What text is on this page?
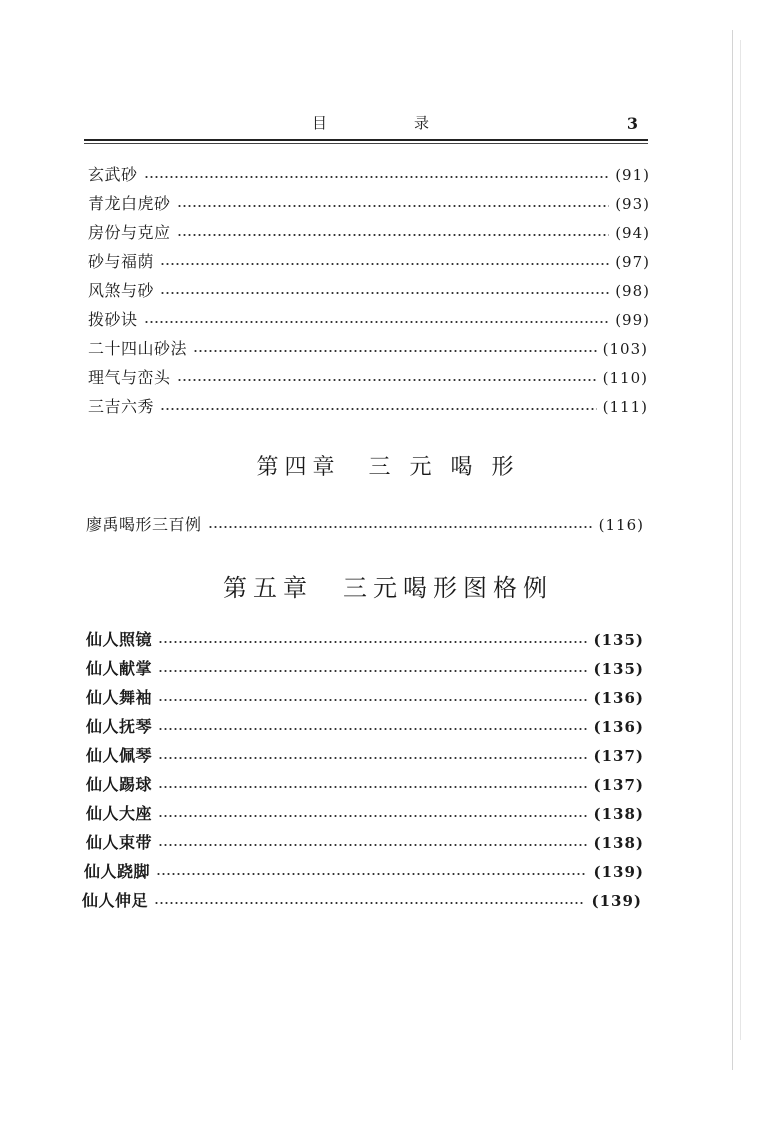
目	录	3
玄武砂	(91)
青龙白虎砂	(93)
房份与克应	(94)
砂与福荫	(97)
风煞与砂	(98)
拨砂诀	(99)
二十四山砂法	(103)
理气与峦头	(110)
三吉六秀	(111)
第四章　三 元 喝 形
廖禹喝形三百例	(116)
第五章　三元喝形图格例
仙人照镜	(135)
仙人献掌	(135)
仙人舞袖	(136)
仙人抚琴	(136)
仙人佩琴	(137)
仙人踢球	(137)
仙人大座	(138)
仙人束带	(138)
仙人跷脚	(139)
仙人伸足	(139)
